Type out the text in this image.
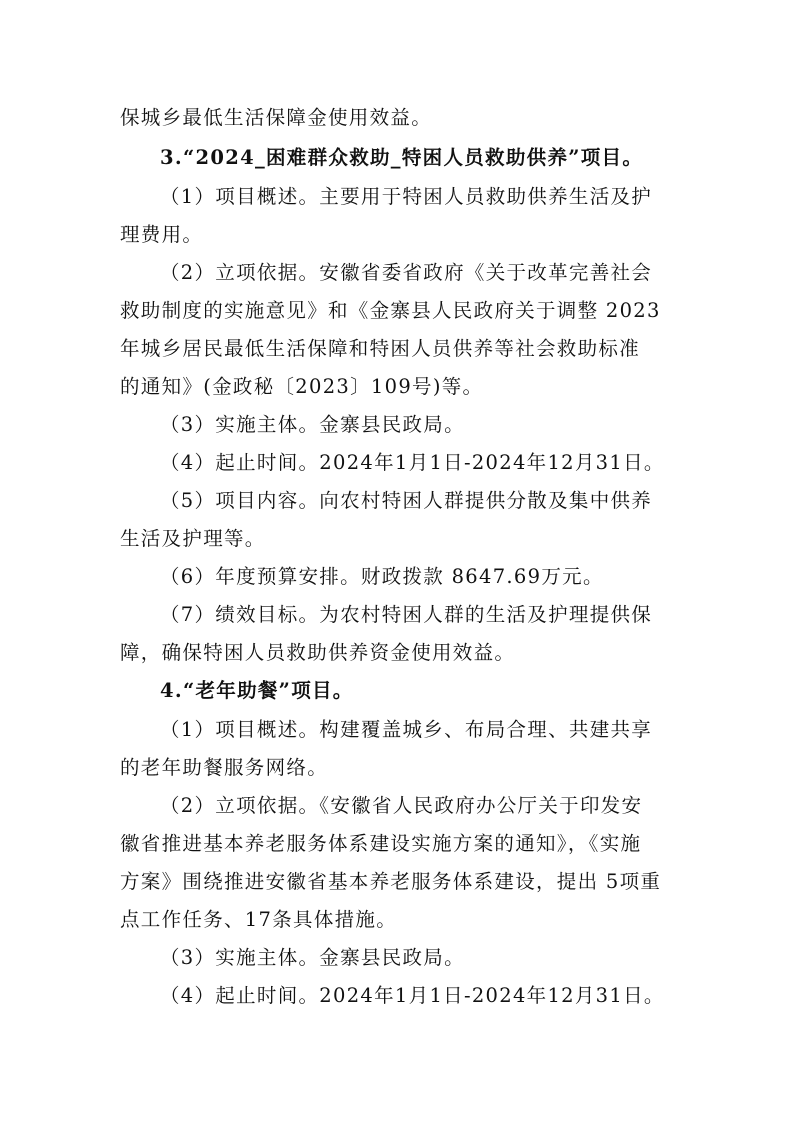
保城乡最低生活保障金使用效益。
3.“2024_困难群众救助_特困人员救助供养”项目。
（1）项目概述。主要用于特困人员救助供养生活及护
理费用。
（2）立项依据。安徽省委省政府《关于改革完善社会
救助制度的实施意见》和《金寨县人民政府关于调整 2023
年城乡居民最低生活保障和特困人员供养等社会救助标准
的通知》(金政秘〔2023〕109号)等。
（3）实施主体。金寨县民政局。
（4）起止时间。2024年1月1日-2024年12月31日。
（5）项目内容。向农村特困人群提供分散及集中供养
生活及护理等。
（6）年度预算安排。财政拨款 8647.69万元。
（7）绩效目标。为农村特困人群的生活及护理提供保
障，确保特困人员救助供养资金使用效益。
4.“老年助餐”项目。
（1）项目概述。构建覆盖城乡、布局合理、共建共享
的老年助餐服务网络。
（2）立项依据。《安徽省人民政府办公厅关于印发安
徽省推进基本养老服务体系建设实施方案的通知》，《实施
方案》围绕推进安徽省基本养老服务体系建设，提出 5项重
点工作任务、17条具体措施。
（3）实施主体。金寨县民政局。
（4）起止时间。2024年1月1日-2024年12月31日。
